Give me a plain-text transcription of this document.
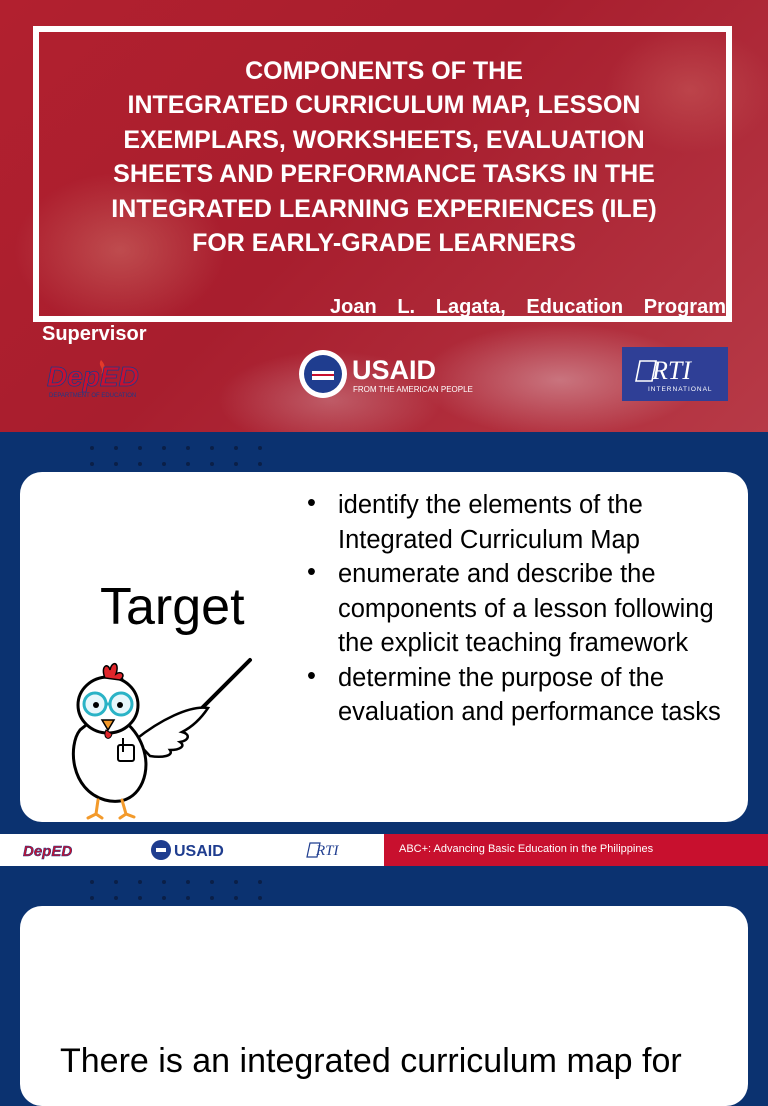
COMPONENTS OF THE
INTEGRATED CURRICULUM MAP, LESSON
EXEMPLARS, WORKSHEETS, EVALUATION
SHEETS AND PERFORMANCE TASKS IN THE
INTEGRATED LEARNING EXPERIENCES (ILE)
FOR EARLY-GRADE LEARNERS
Joan L. Lagata, Education Program
Supervisor
DepED
DEPARTMENT OF EDUCATION
USAID
FROM THE AMERICAN PEOPLE
RTI
INTERNATIONAL
Target
• identify the elements of the Integrated Curriculum Map
• enumerate and describe the components of a lesson following the explicit teaching framework
• determine the purpose of the evaluation and performance tasks
DepED	USAID	RTI	ABC+: Advancing Basic Education in the Philippines
There is an integrated curriculum map for
